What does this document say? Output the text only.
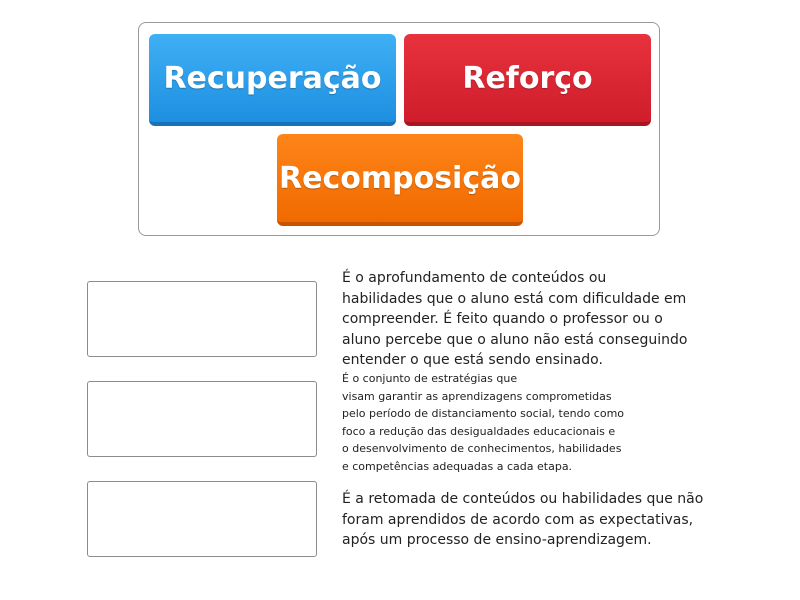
Recuperação	Reforço
Recomposição

É o aprofundamento de conteúdos ou
habilidades que o aluno está com dificuldade em
compreender. É feito quando o professor ou o
aluno percebe que o aluno não está conseguindo
entender o que está sendo ensinado.

É o conjunto de estratégias que
visam garantir as aprendizagens comprometidas
pelo período de distanciamento social, tendo como
foco a redução das desigualdades educacionais e
o desenvolvimento de conhecimentos, habilidades
e competências adequadas a cada etapa.

É a retomada de conteúdos ou habilidades que não
foram aprendidos de acordo com as expectativas,
após um processo de ensino-aprendizagem.
